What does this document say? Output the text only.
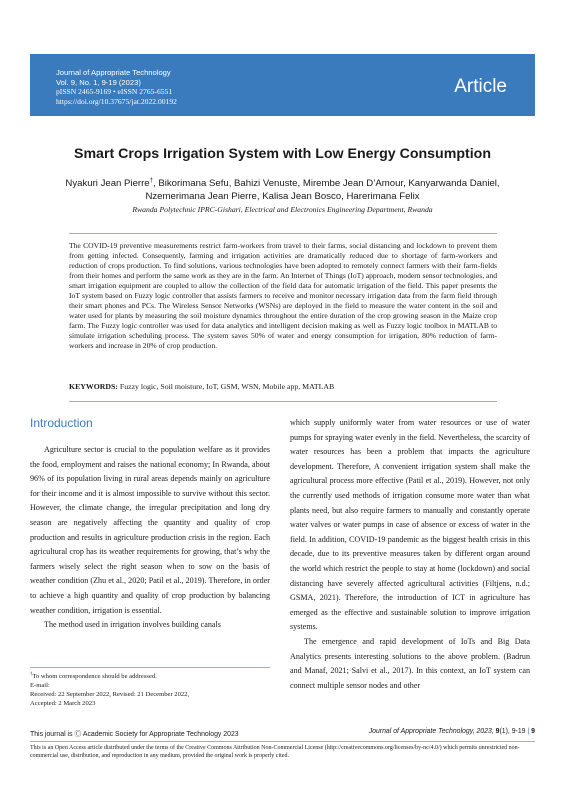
Journal of Appropriate Technology
Vol. 9, No. 1, 9-19 (2023)
pISSN 2465-9169 • eISSN 2765-6551
https://doi.org/10.37675/jat.2022.00192
Article
Smart Crops Irrigation System with Low Energy Consumption
Nyakuri Jean Pierre†, Bikorimana Sefu, Bahizi Venuste, Mirembe Jean D’Amour, Kanyarwanda Daniel,
Nzemerimana Jean Pierre, Kalisa Jean Bosco, Harerimana Felix
Rwanda Polytechnic IPRC-Gishari, Electrical and Electronics Engineering Department, Rwanda
The COVID-19 preventive measurements restrict farm-workers from travel to their farms, social distancing and lockdown to prevent them from getting infected. Consequently, farming and irrigation activities are dramatically reduced due to shortage of farm-workers and reduction of crops production. To find solutions, various technologies have been adopted to remotely connect farmers with their farm-fields from their homes and perform the same work as they are in the farm. An Internet of Things (IoT) approach, modern sensor technologies, and smart irrigation equipment are coupled to allow the collection of the field data for automatic irrigation of the field. This paper presents the IoT system based on Fuzzy logic controller that assists farmers to receive and monitor necessary irrigation data from the farm field through their smart phones and PCs. The Wireless Sensor Networks (WSNs) are deployed in the field to measure the water content in the soil and water used for plants by measuring the soil moisture dynamics throughout the entire duration of the crop growing season in the Maize crop farm. The Fuzzy logic controller was used for data analytics and intelligent decision making as well as Fuzzy logic toolbox in MATLAB to simulate irrigation scheduling process. The system saves 50% of water and energy consumption for irrigation, 80% reduction of farm-workers and increase in 20% of crop production.
KEYWORDS: Fuzzy logic, Soil moisture, IoT, GSM, WSN, Mobile app, MATLAB
Introduction

Agriculture sector is crucial to the population welfare as it provides the food, employment and raises the national economy; In Rwanda, about 96% of its population living in rural areas depends mainly on agriculture for their income and it is almost impossible to survive without this sector. However, the climate change, the irregular precipitation and long dry season are negatively affecting the quantity and quality of crop production and results in agriculture production crisis in the region. Each agricultural crop has its weather requirements for growing, that’s why the farmers wisely select the right season when to sow on the basis of weather condition (Zhu et al., 2020; Patil et al., 2019). Therefore, in order to achieve a high quantity and quality of crop production by balancing weather condition, irrigation is essential.

The method used in irrigation involves building canals

which supply uniformly water from water resources or use of water pumps for spraying water evenly in the field. Nevertheless, the scarcity of water resources has been a problem that impacts the agriculture development. Therefore, A convenient irrigation system shall make the agricultural process more effective (Patil et al., 2019). However, not only the currently used methods of irrigation consume more water than what plants need, but also require farmers to manually and constantly operate water valves or water pumps in case of absence or excess of water in the field. In addition, COVID-19 pandemic as the biggest health crisis in this decade, due to its preventive measures taken by different organ around the world which restrict the people to stay at home (lockdown) and social distancing have severely affected agricultural activities (Filtjens, n.d.; GSMA, 2021). Therefore, the introduction of ICT in agriculture has emerged as the effective and sustainable solution to improve irrigation systems.

The emergence and rapid development of IoTs and Big Data Analytics presents interesting solutions to the above problem. (Badrun and Manaf, 2021; Salvi et al., 2017). In this context, an IoT system can connect multiple sensor nodes and other

†To whom correspondence should be addressed.
E-mail:
Received: 22 September 2022, Revised: 21 December 2022,
Accepted: 2 March 2023
This journal is Ⓒ Academic Society for Appropriate Technology 2023	Journal of Appropriate Technology, 2023, 9(1), 9-19 | 9
This is an Open Access article distributed under the terms of the Creative Commons Attribution Non-Commercial License (http://creativecommons.org/licenses/by-nc/4.0/) which permits unrestricted non-commercial use, distribution, and reproduction in any medium, provided the original work is properly cited.
